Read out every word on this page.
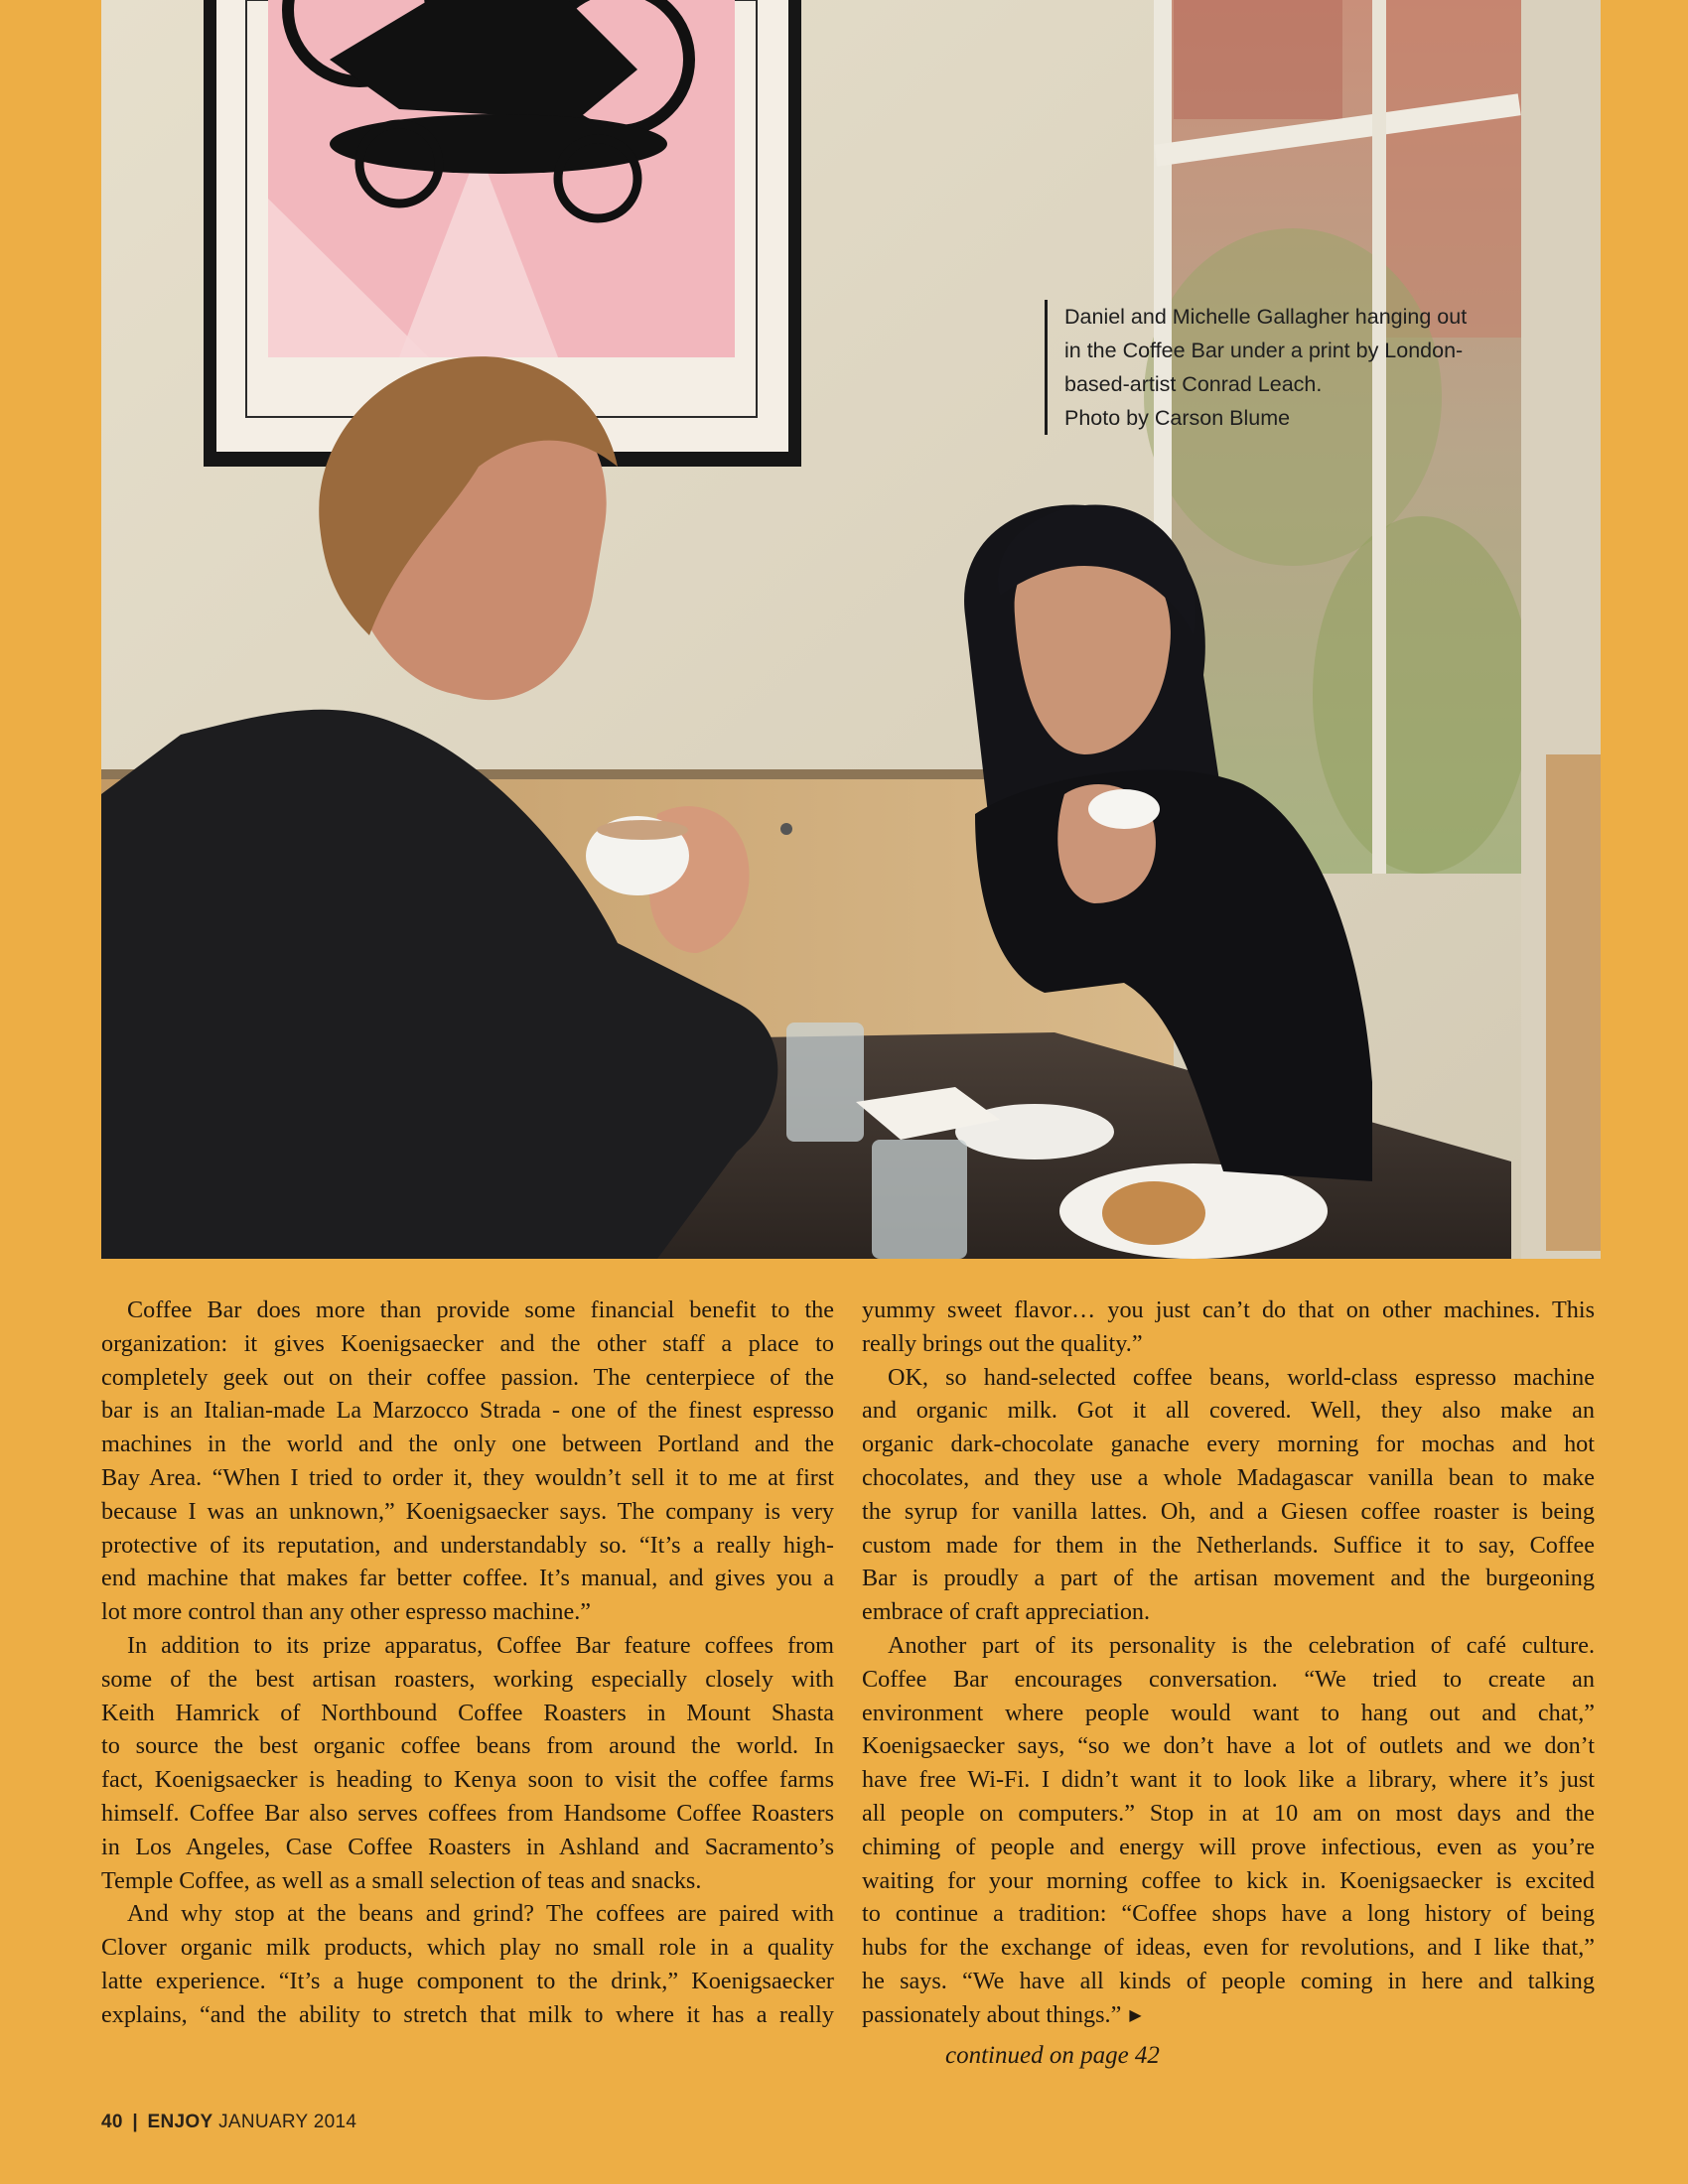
Daniel and Michelle Gallagher hanging out
in the Coffee Bar under a print by London-
based-artist Conrad Leach.
Photo by Carson Blume
Coffee Bar does more than provide some financial benefit to the
organization: it gives Koenigsaecker and the other staff a place to
completely geek out on their coffee passion. The centerpiece of the
bar is an Italian-made La Marzocco Strada - one of the finest espresso
machines in the world and the only one between Portland and the
Bay Area. “When I tried to order it, they wouldn’t sell it to me at first
because I was an unknown,” Koenigsaecker says. The company is very
protective of its reputation, and understandably so. “It’s a really high-
end machine that makes far better coffee. It’s manual, and gives you a
lot more control than any other espresso machine.”
In addition to its prize apparatus, Coffee Bar feature coffees from
some of the best artisan roasters, working especially closely with
Keith Hamrick of Northbound Coffee Roasters in Mount Shasta
to source the best organic coffee beans from around the world. In
fact, Koenigsaecker is heading to Kenya soon to visit the coffee farms
himself. Coffee Bar also serves coffees from Handsome Coffee Roasters
in Los Angeles, Case Coffee Roasters in Ashland and Sacramento’s
Temple Coffee, as well as a small selection of teas and snacks.
And why stop at the beans and grind? The coffees are paired with
Clover organic milk products, which play no small role in a quality
latte experience. “It’s a huge component to the drink,” Koenigsaecker
explains, “and the ability to stretch that milk to where it has a really
yummy sweet flavor… you just can’t do that on other machines. This
really brings out the quality.”
OK, so hand-selected coffee beans, world-class espresso machine
and organic milk. Got it all covered. Well, they also make an
organic dark-chocolate ganache every morning for mochas and hot
chocolates, and they use a whole Madagascar vanilla bean to make
the syrup for vanilla lattes. Oh, and a Giesen coffee roaster is being
custom made for them in the Netherlands. Suffice it to say, Coffee
Bar is proudly a part of the artisan movement and the burgeoning
embrace of craft appreciation.
Another part of its personality is the celebration of café culture.
Coffee Bar encourages conversation. “We tried to create an
environment where people would want to hang out and chat,”
Koenigsaecker says, “so we don’t have a lot of outlets and we don’t
have free Wi-Fi. I didn’t want it to look like a library, where it’s just
all people on computers.” Stop in at 10 am on most days and the
chiming of people and energy will prove infectious, even as you’re
waiting for your morning coffee to kick in. Koenigsaecker is excited
to continue a tradition: “Coffee shops have a long history of being
hubs for the exchange of ideas, even for revolutions, and I like that,”
he says. “We have all kinds of people coming in here and talking
passionately about things.” ▶
continued on page 42
40 | ENJOY JANUARY 2014
